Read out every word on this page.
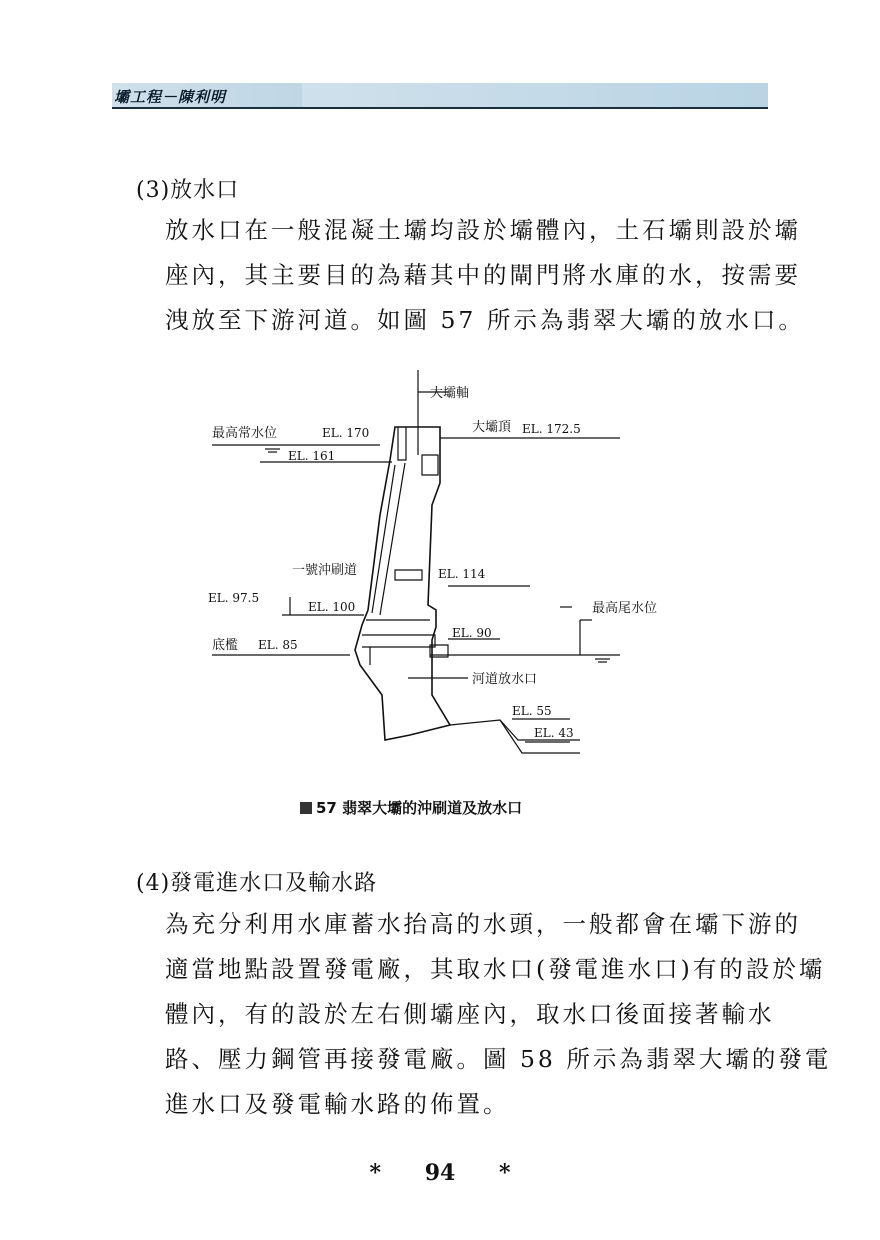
壩工程－陳利明
(3)放水口
放水口在一般混凝土壩均設於壩體內，土石壩則設於壩
座內，其主要目的為藉其中的閘門將水庫的水，按需要
洩放至下游河道。如圖 57 所示為翡翠大壩的放水口。
大壩軸
最高常水位	EL. 170	大壩頂 EL. 172.5
EL. 161
一號沖刷道	EL. 114
EL. 97.5
EL. 100	最高尾水位
底檻 EL. 85
EL. 90
河道放水口
EL. 55
EL. 43
57 翡翠大壩的沖刷道及放水口
(4)發電進水口及輸水路
為充分利用水庫蓄水抬高的水頭，一般都會在壩下游的
適當地點設置發電廠，其取水口(發電進水口)有的設於壩
體內，有的設於左右側壩座內，取水口後面接著輸水
路、壓力鋼管再接發電廠。圖 58 所示為翡翠大壩的發電
進水口及發電輸水路的佈置。
* 94 *
